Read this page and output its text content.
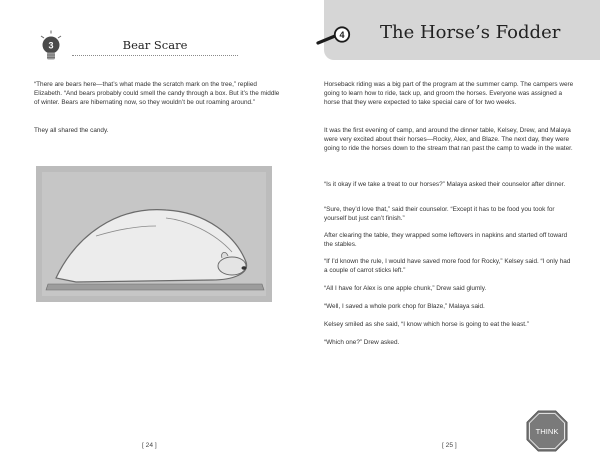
3	Bear Scare
“There are bears here—that’s what made the scratch mark on the tree,” replied Elizabeth. “And bears probably could smell the candy through a box. But it’s the middle of winter. Bears are hibernating now, so they wouldn’t be out roaming around.”
They all shared the candy.
[ 24 ]
4 The Horse’s Fodder
Horseback riding was a big part of the program at the summer camp. The campers were going to learn how to ride, tack up, and groom the horses. Everyone was assigned a horse that they were expected to take special care of for two weeks.
It was the first evening of camp, and around the dinner table, Kelsey, Drew, and Malaya were very excited about their horses—Rocky, Alex, and Blaze. The next day, they were going to ride the horses down to the stream that ran past the camp to wade in the water.
“Is it okay if we take a treat to our horses?” Malaya asked their counselor after dinner.
“Sure, they’d love that,” said their counselor. “Except it has to be food you took for yourself but just can’t finish.”
After clearing the table, they wrapped some leftovers in napkins and started off toward the stables.
“If I’d known the rule, I would have saved more food for Rocky,” Kelsey said. “I only had a couple of carrot sticks left.”
“All I have for Alex is one apple chunk,” Drew said glumly.
“Well, I saved a whole pork chop for Blaze,” Malaya said.
Kelsey smiled as she said, “I know which horse is going to eat the least.”
“Which one?” Drew asked.
[ 25 ]
THINK
